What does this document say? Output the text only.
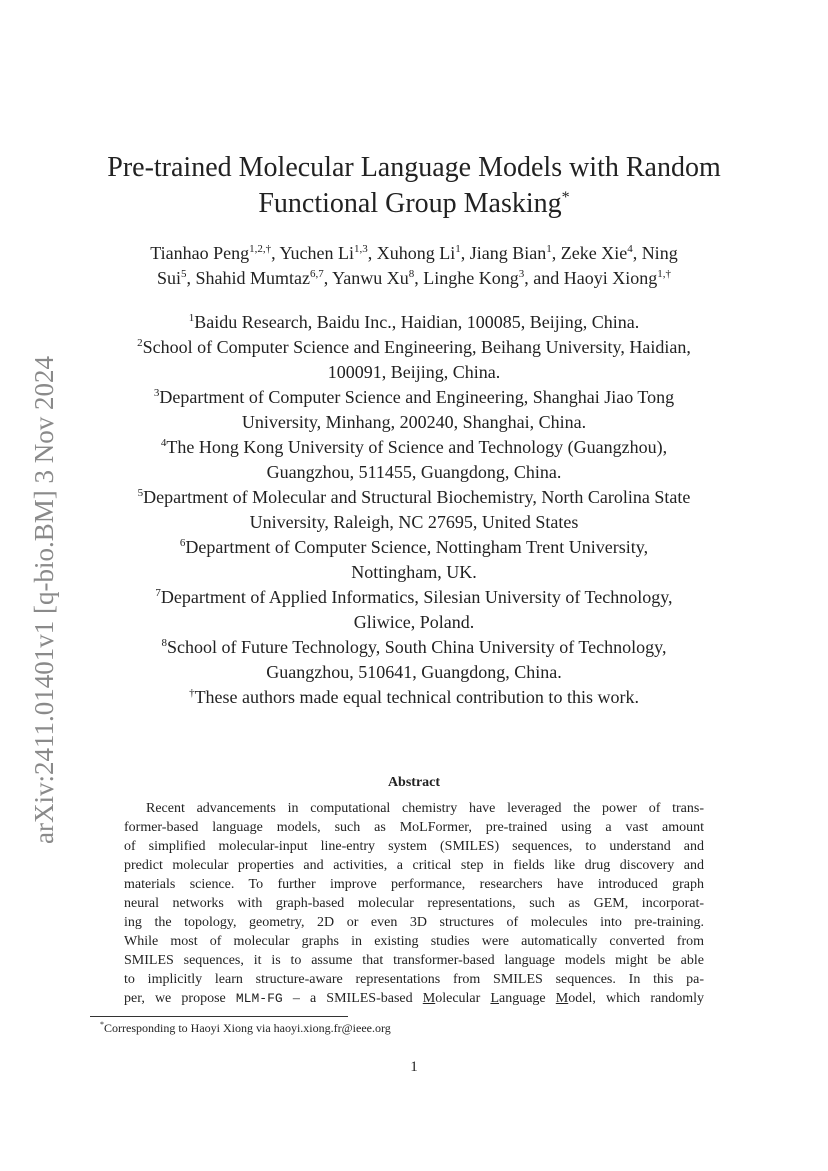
arXiv:2411.01401v1 [q-bio.BM] 3 Nov 2024
Pre-trained Molecular Language Models with Random
Functional Group Masking*
Tianhao Peng$^{1,2,\dagger}$, Yuchen Li$^{1,3}$, Xuhong Li$^1$, Jiang Bian$^1$, Zeke Xie$^4$, Ning
Sui$^5$, Shahid Mumtaz$^{6,7}$, Yanwu Xu$^8$, Linghe Kong$^3$, and Haoyi Xiong$^{1,\dagger}$
$^1$Baidu Research, Baidu Inc., Haidian, 100085, Beijing, China.
$^2$School of Computer Science and Engineering, Beihang University, Haidian,
100091, Beijing, China.
$^3$Department of Computer Science and Engineering, Shanghai Jiao Tong
University, Minhang, 200240, Shanghai, China.
$^4$The Hong Kong University of Science and Technology (Guangzhou),
Guangzhou, 511455, Guangdong, China.
$^5$Department of Molecular and Structural Biochemistry, North Carolina State
University, Raleigh, NC 27695, United States
$^6$Department of Computer Science, Nottingham Trent University,
Nottingham, UK.
$^7$Department of Applied Informatics, Silesian University of Technology,
Gliwice, Poland.
$^8$School of Future Technology, South China University of Technology,
Guangzhou, 510641, Guangdong, China.
†These authors made equal technical contribution to this work.
Abstract
Recent advancements in computational chemistry have leveraged the power of trans-
former-based language models, such as MoLFormer, pre-trained using a vast amount
of simplified molecular-input line-entry system (SMILES) sequences, to understand and
predict molecular properties and activities, a critical step in fields like drug discovery and
materials science. To further improve performance, researchers have introduced graph
neural networks with graph-based molecular representations, such as GEM, incorporat-
ing the topology, geometry, 2D or even 3D structures of molecules into pre-training.
While most of molecular graphs in existing studies were automatically converted from
SMILES sequences, it is to assume that transformer-based language models might be able
to implicitly learn structure-aware representations from SMILES sequences. In this pa-
per, we propose MLM-FG – a SMILES-based Molecular Language Model, which randomly
*Corresponding to Haoyi Xiong via haoyi.xiong.fr@ieee.org
1
